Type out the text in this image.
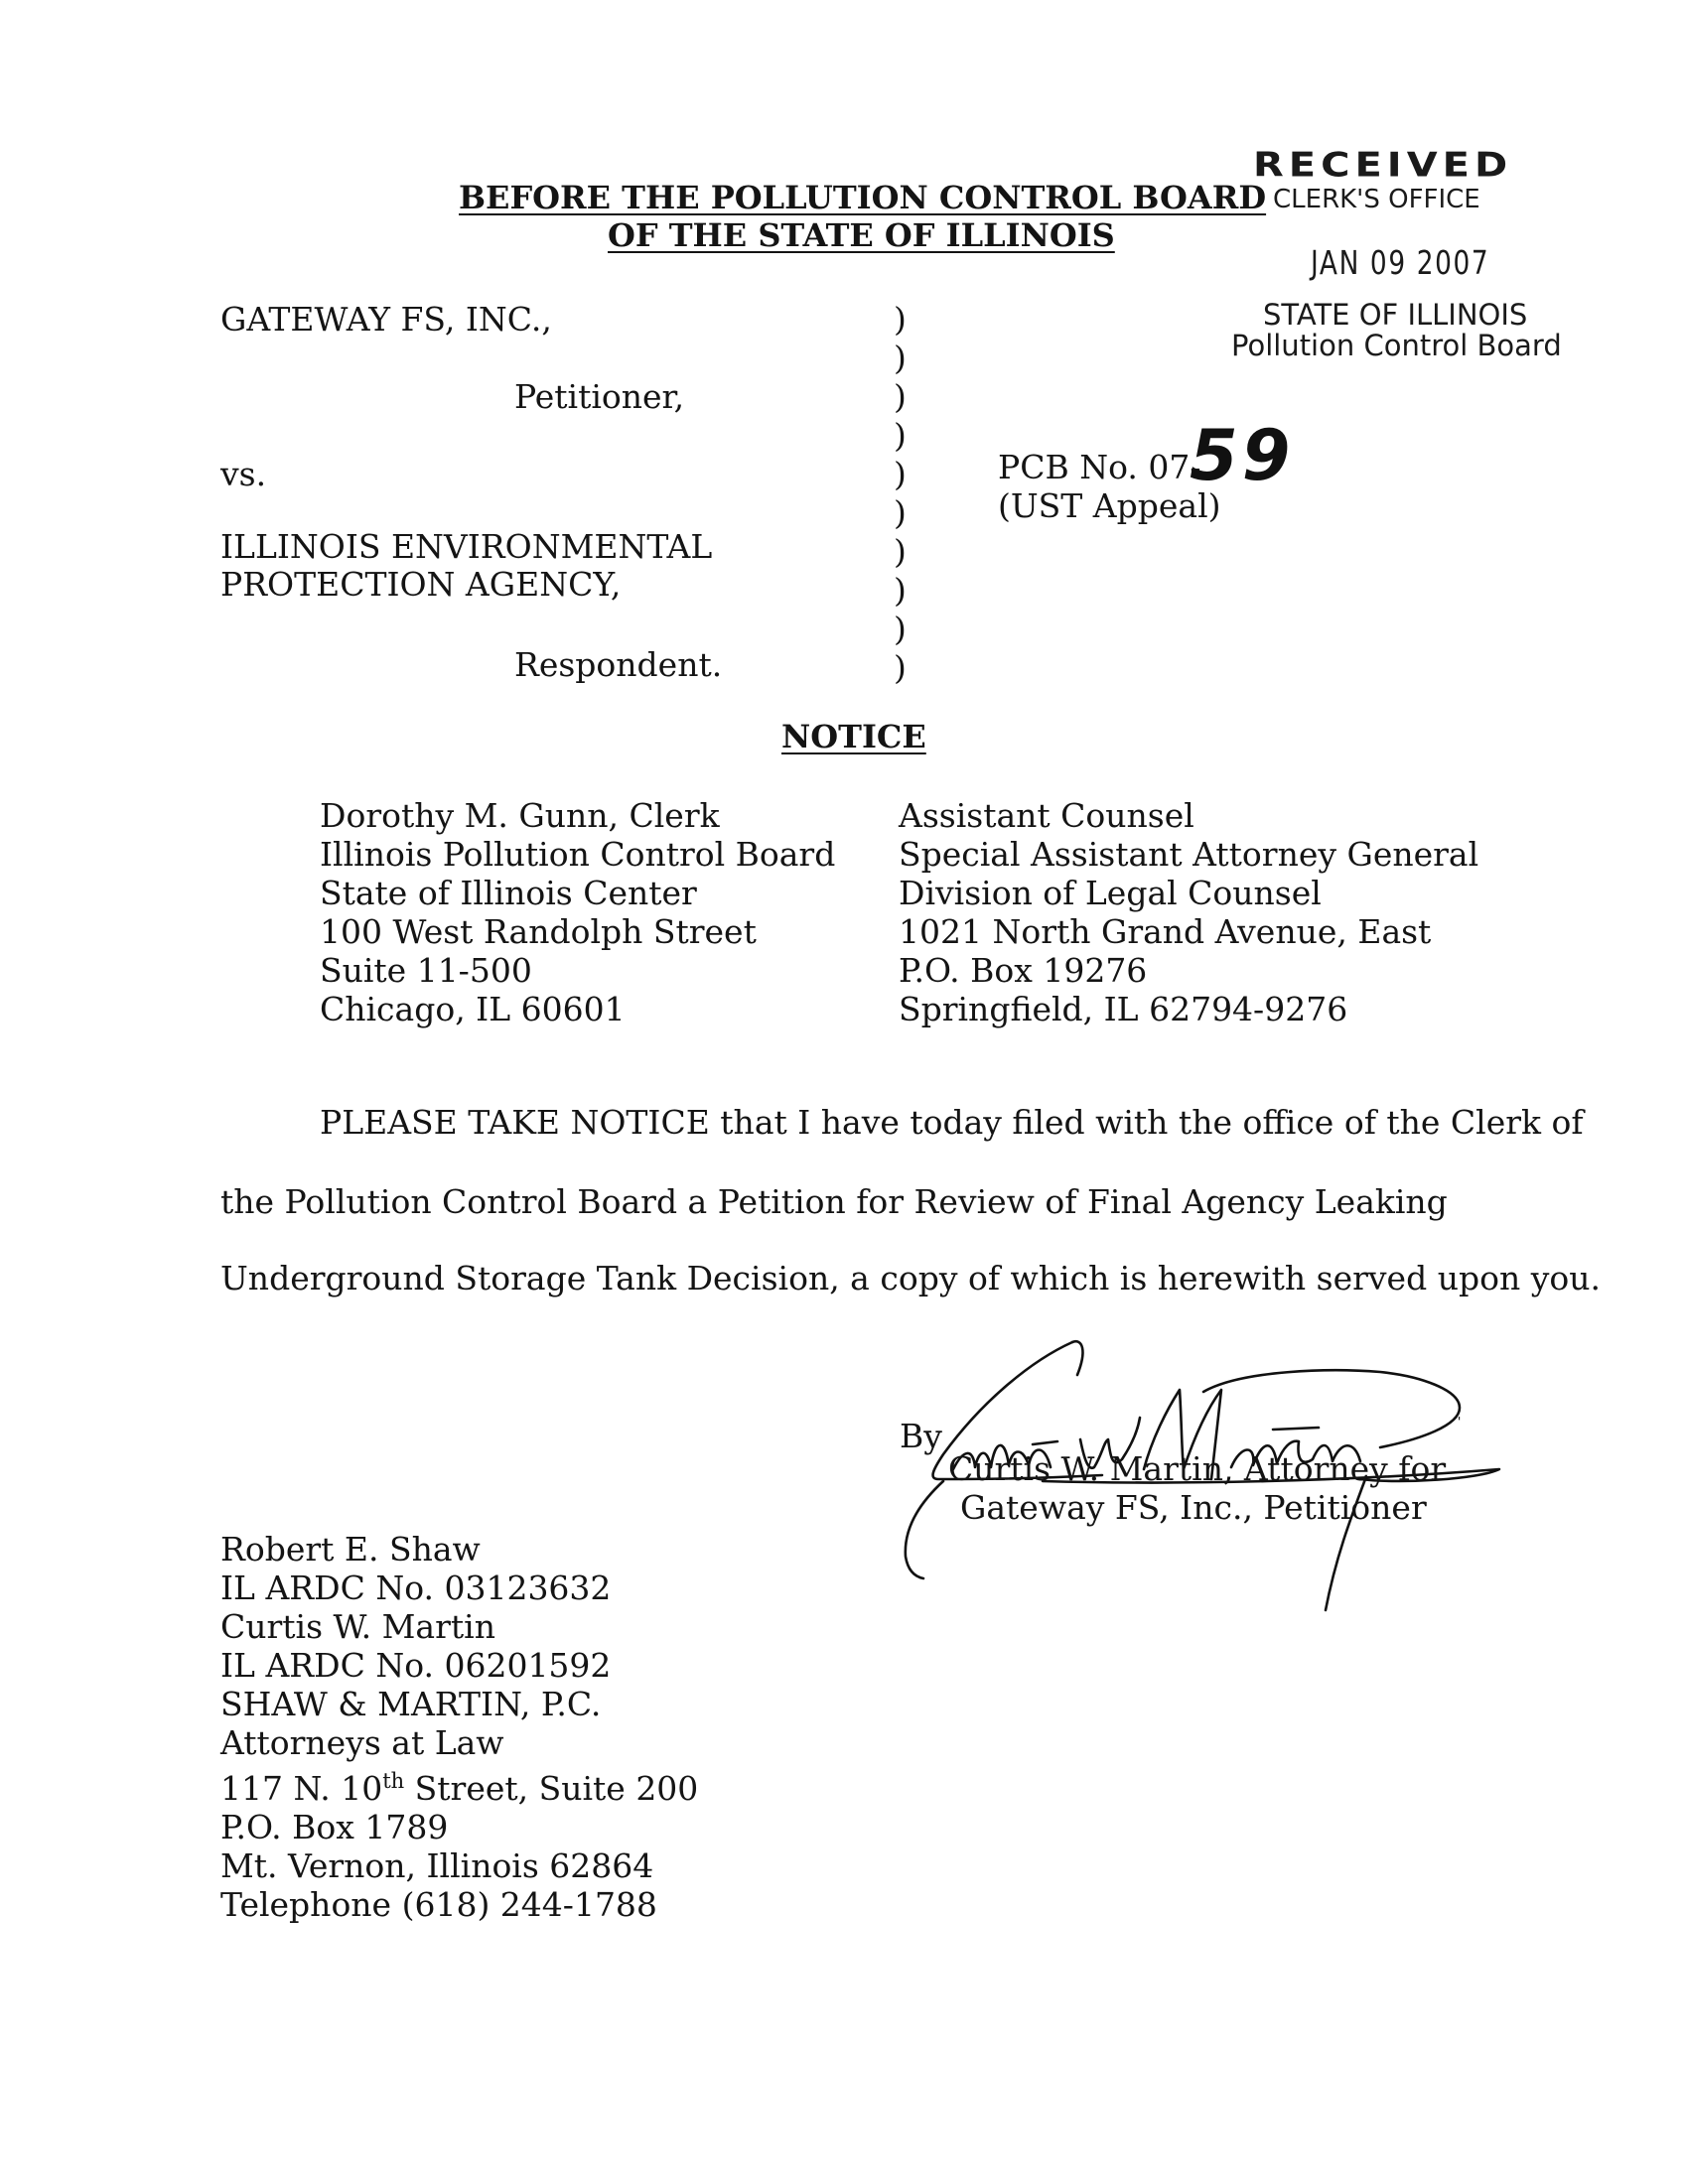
RECEIVED
CLERK'S OFFICE
JAN 09 2007
STATE OF ILLINOIS
Pollution Control Board
BEFORE THE POLLUTION CONTROL BOARD
OF THE STATE OF ILLINOIS
GATEWAY FS, INC.,
Petitioner,
vs.
ILLINOIS ENVIRONMENTAL
PROTECTION AGENCY,
Respondent.
)
)
)
)
)
)
)
)
)
)
PCB No. 07-
(UST Appeal)
59
NOTICE
Dorothy M. Gunn, Clerk
Illinois Pollution Control Board
State of Illinois Center
100 West Randolph Street
Suite 11-500
Chicago, IL 60601
Assistant Counsel
Special Assistant Attorney General
Division of Legal Counsel
1021 North Grand Avenue, East
P.O. Box 19276
Springfield, IL 62794-9276
PLEASE TAKE NOTICE that I have today filed with the office of the Clerk of
the Pollution Control Board a Petition for Review of Final Agency Leaking
Underground Storage Tank Decision, a copy of which is herewith served upon you.
By	'
Curtis W. Martin, Attorney for
Gateway FS, Inc., Petitioner
Robert E. Shaw
IL ARDC No. 03123632
Curtis W. Martin
IL ARDC No. 06201592
SHAW & MARTIN, P.C.
Attorneys at Law
117 N. 10th Street, Suite 200
P.O. Box 1789
Mt. Vernon, Illinois 62864
Telephone (618) 244-1788
